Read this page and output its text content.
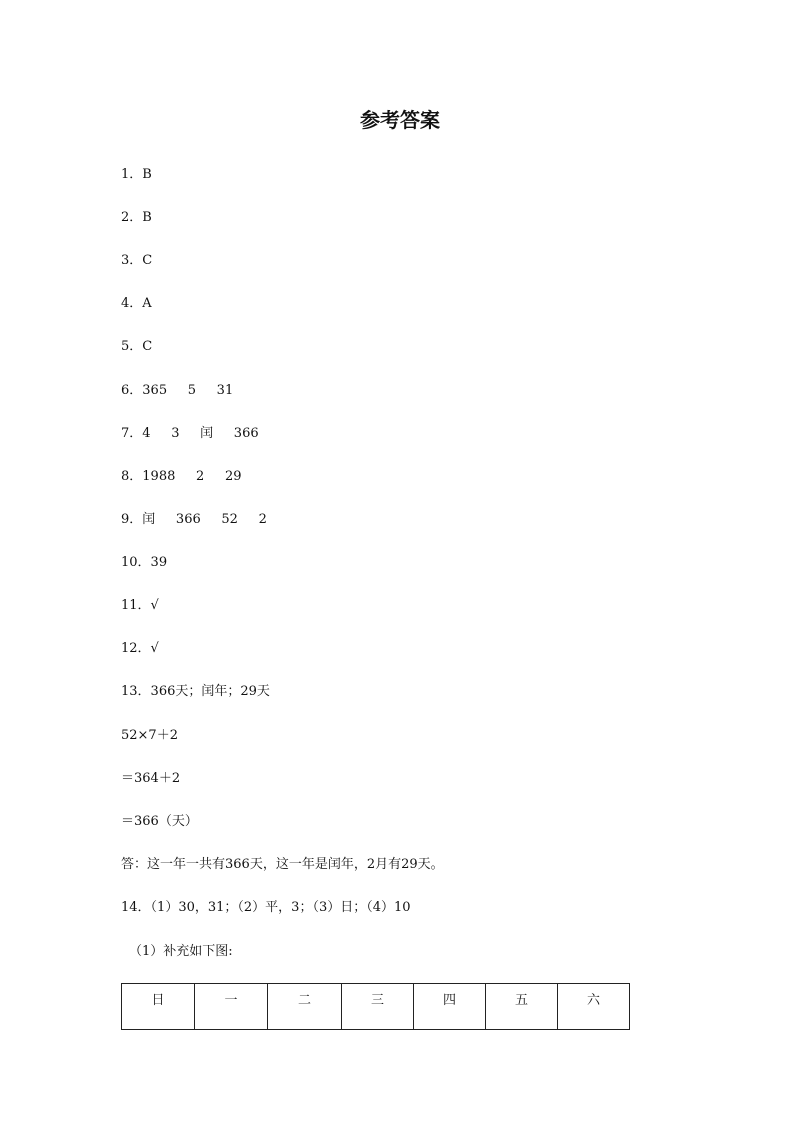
参考答案
1．B
2．B
3．C
4．A
5．C
6．365     5     31
7．4     3     闰     366
8．1988     2     29
9．闰     366     52     2
10．39
11．√
12．√
13．366天；闰年；29天
52×7＋2
＝364＋2
＝366（天）
答：这一年一共有366天，这一年是闰年，2月有29天。
14．（1）30，31；（2）平，3；（3）日；（4）10
（1）补充如下图:
日	一	二	三	四	五	六
